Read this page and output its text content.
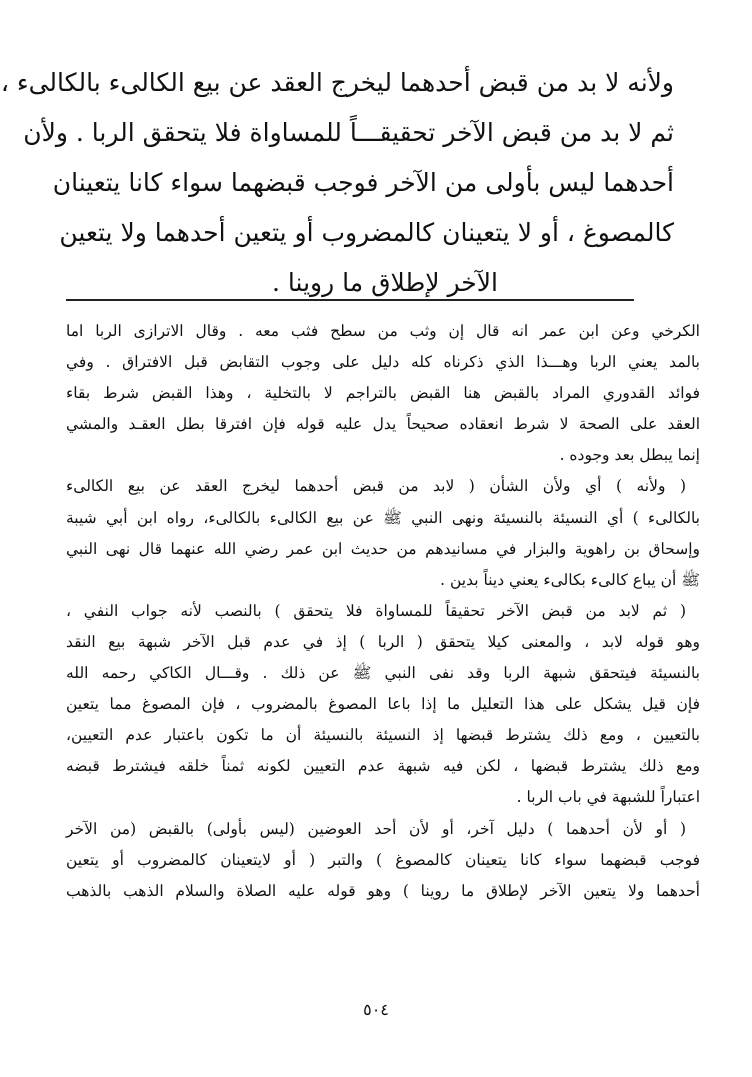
ولأنه لا بد من قبض أحدهما ليخرج العقد عن بيع الكالىء بالكالىء ،
ثم لا بد من قبض الآخر تحقيقـــاً للمساواة فلا يتحقق الربا . ولأن
أحدهما ليس بأولى من الآخر فوجب قبضهما سواء كانا يتعينان
كالمصوغ ، أو لا يتعينان كالمضروب أو يتعين أحدهما ولا يتعين
الآخر لإطلاق ما روينا .
الكرخي وعن ابن عمر انه قال إن وثب من سطح فثب معه . وقال الاترازى الربا اما
بالمد يعني الربا وهـــذا الذي ذكرناه كله دليل على وجوب التقابض قبل الافتراق . وفي
فوائد القدوري المراد بالقبض هنا القبض بالتراجم لا بالتخلية ، وهذا القبض شرط بقاء
العقد على الصحة لا شرط انعقاده صحيحاً يدل عليه قوله فإن افترقا بطل العقـد والمشي
إنما يبطل بعد وجوده .
( ولأنه ) أي ولأن الشأن ( لابد من قبض أحدهما ليخرج العقد عن بيع الكالىء
بالكالىء ) أي النسيئة بالنسيئة ونهى النبي ﷺ عن بيع الكالىء بالكالىء، رواه ابن أبي شيبة
وإسحاق بن راهوية والبزار في مسانيدهم من حديث ابن عمر رضي الله عنهما قال نهى النبي
ﷺ أن يباع كالىء بكالىء يعني ديناً بدين .
( ثم لابد من قبض الآخر تحقيقاً للمساواة فلا يتحقق ) بالنصب لأنه جواب النفي ،
وهو قوله لابد ، والمعنى كيلا يتحقق ( الربا ) إذ في عدم قبل الآخر شبهة بيع النقد
بالنسيئة فيتحقق شبهة الربا وقد نفى النبي ﷺ عن ذلك . وقـــال الكاكي رحمه الله
فإن قيل يشكل على هذا التعليل ما إذا باعا المصوغ بالمضروب ، فإن المصوغ مما يتعين
بالتعيين ، ومع ذلك يشترط قبضها إذ النسيئة بالنسيئة أن ما تكون باعتبار عدم التعيين،
ومع ذلك يشترط قبضها ، لكن فيه شبهة عدم التعيين لكونه ثمناً خلقه فيشترط قبضه
اعتباراً للشبهة في باب الربا .
( أو لأن أحدهما ) دليل آخر، أو لأن أحد العوضين (ليس بأولى) بالقبض (من الآخر
فوجب قبضهما سواء كانا يتعينان كالمصوغ ) والتبر ( أو لايتعينان كالمضروب أو يتعين
أحدهما ولا يتعين الآخر لإطلاق ما روينا ) وهو قوله عليه الصلاة والسلام الذهب بالذهب
٥٠٤
